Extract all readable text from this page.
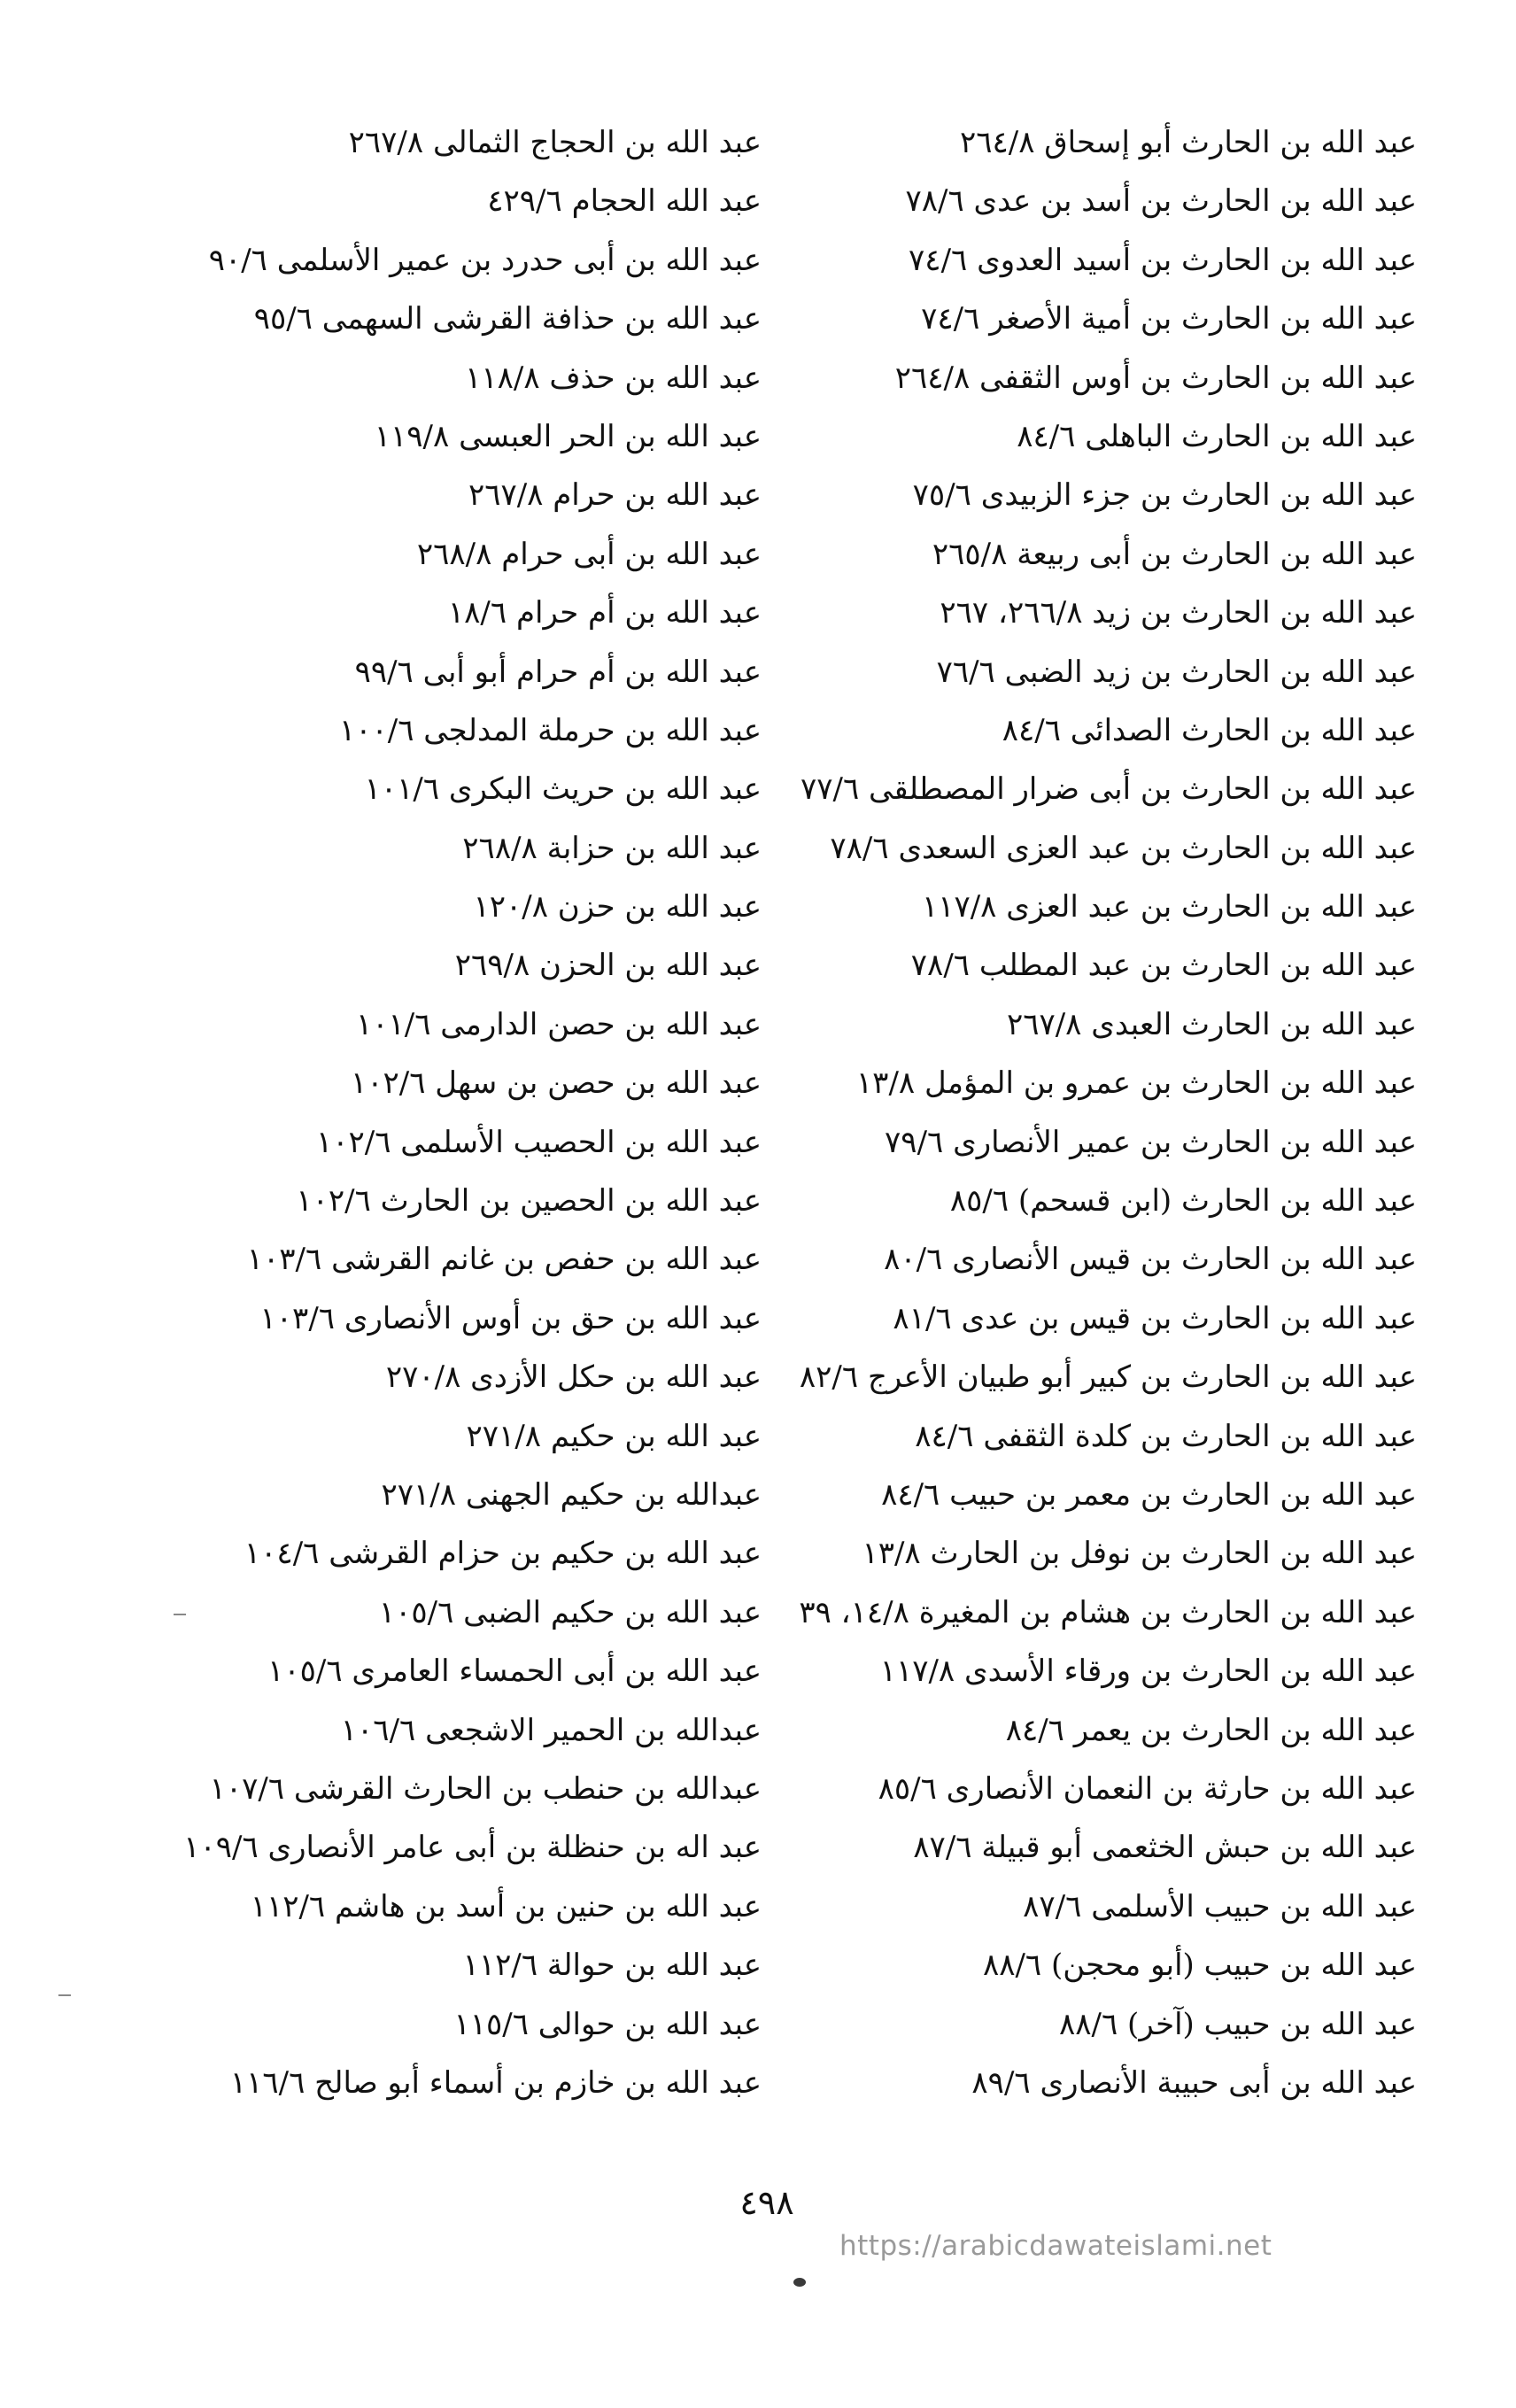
عبد الله بن الحارث أبو إسحاق ٢٦٤/٨
عبد الله بن الحارث بن أسد بن عدى ٧٨/٦
عبد الله بن الحارث بن أسيد العدوى ٧٤/٦
عبد الله بن الحارث بن أمية الأصغر ٧٤/٦
عبد الله بن الحارث بن أوس الثقفى ٢٦٤/٨
عبد الله بن الحارث الباهلى ٨٤/٦
عبد الله بن الحارث بن جزء الزبيدى ٧٥/٦
عبد الله بن الحارث بن أبى ربيعة ٢٦٥/٨
عبد الله بن الحارث بن زيد ٢٦٦/٨، ٢٦٧
عبد الله بن الحارث بن زيد الضبى ٧٦/٦
عبد الله بن الحارث الصدائى ٨٤/٦
عبد الله بن الحارث بن أبى ضرار المصطلقى ٧٧/٦
عبد الله بن الحارث بن عبد العزى السعدى ٧٨/٦
عبد الله بن الحارث بن عبد العزى ١١٧/٨
عبد الله بن الحارث بن عبد المطلب ٧٨/٦
عبد الله بن الحارث العبدى ٢٦٧/٨
عبد الله بن الحارث بن عمرو بن المؤمل ١٣/٨
عبد الله بن الحارث بن عمير الأنصارى ٧٩/٦
عبد الله بن الحارث (ابن قسحم) ٨٥/٦
عبد الله بن الحارث بن قيس الأنصارى ٨٠/٦
عبد الله بن الحارث بن قيس بن عدى ٨١/٦
عبد الله بن الحارث بن كبير أبو طبيان الأعرج ٨٢/٦
عبد الله بن الحارث بن كلدة الثقفى ٨٤/٦
عبد الله بن الحارث بن معمر بن حبيب ٨٤/٦
عبد الله بن الحارث بن نوفل بن الحارث ١٣/٨
عبد الله بن الحارث بن هشام بن المغيرة ١٤/٨، ٣٩
عبد الله بن الحارث بن ورقاء الأسدى ١١٧/٨
عبد الله بن الحارث بن يعمر ٨٤/٦
عبد الله بن حارثة بن النعمان الأنصارى ٨٥/٦
عبد الله بن حبش الخثعمى أبو قبيلة ٨٧/٦
عبد الله بن حبيب الأسلمى ٨٧/٦
عبد الله بن حبيب (أبو محجن) ٨٨/٦
عبد الله بن حبيب (آخر) ٨٨/٦
عبد الله بن أبى حبيبة الأنصارى ٨٩/٦
عبد الله بن الحجاج الثمالى ٢٦٧/٨
عبد الله الحجام ٤٢٩/٦
عبد الله بن أبى حدرد بن عمير الأسلمى ٩٠/٦
عبد الله بن حذافة القرشى السهمى ٩٥/٦
عبد الله بن حذف ١١٨/٨
عبد الله بن الحر العبسى ١١٩/٨
عبد الله بن حرام ٢٦٧/٨
عبد الله بن أبى حرام ٢٦٨/٨
عبد الله بن أم حرام ١٨/٦
عبد الله بن أم حرام أبو أبى ٩٩/٦
عبد الله بن حرملة المدلجى ١٠٠/٦
عبد الله بن حريث البكرى ١٠١/٦
عبد الله بن حزابة ٢٦٨/٨
عبد الله بن حزن ١٢٠/٨
عبد الله بن الحزن ٢٦٩/٨
عبد الله بن حصن الدارمى ١٠١/٦
عبد الله بن حصن بن سهل ١٠٢/٦
عبد الله بن الحصيب الأسلمى ١٠٢/٦
عبد الله بن الحصين بن الحارث ١٠٢/٦
عبد الله بن حفص بن غانم القرشى ١٠٣/٦
عبد الله بن حق بن أوس الأنصارى ١٠٣/٦
عبد الله بن حكل الأزدى ٢٧٠/٨
عبد الله بن حكيم ٢٧١/٨
عبدالله بن حكيم الجهنى ٢٧١/٨
عبد الله بن حكيم بن حزام القرشى ١٠٤/٦
عبد الله بن حكيم الضبى ١٠٥/٦
عبد الله بن أبى الحمساء العامرى ١٠٥/٦
عبدالله بن الحمير الاشجعى ١٠٦/٦
عبدالله بن حنطب بن الحارث القرشى ١٠٧/٦
عبد اله بن حنظلة بن أبى عامر الأنصارى ١٠٩/٦
عبد الله بن حنين بن أسد بن هاشم ١١٢/٦
عبد الله بن حوالة ١١٢/٦
عبد الله بن حوالى ١١٥/٦
عبد الله بن خازم بن أسماء أبو صالح ١١٦/٦
٤٩٨
https://arabicdawateislami.net
